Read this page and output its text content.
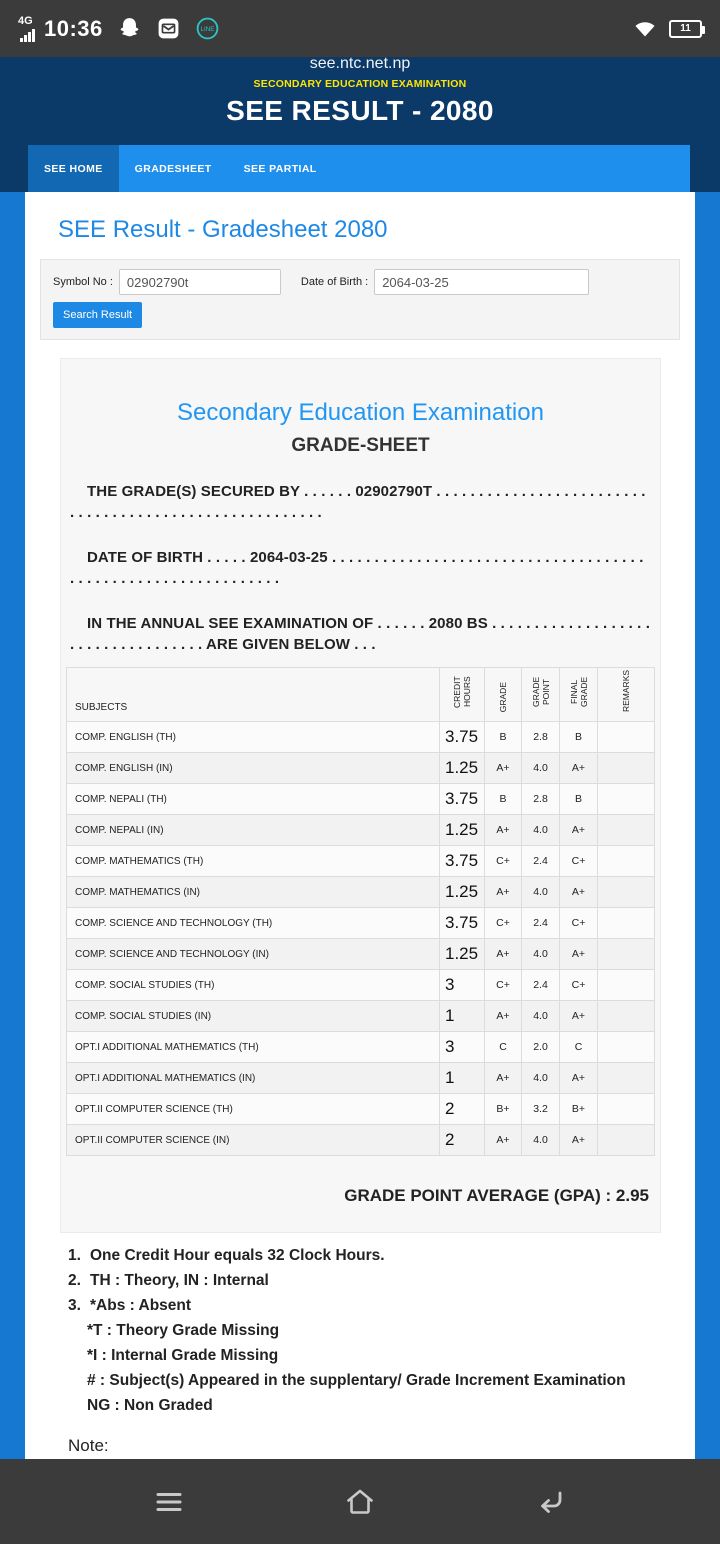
4G 10:36	LINE	11
see.ntc.net.np
SECONDARY EDUCATION EXAMINATION
SEE RESULT - 2080
SEE HOME	GRADESHEET	SEE PARTIAL
SEE Result - Gradesheet 2080
Symbol No :
02902790t	Date of Birth :
2064-03-25
Search Result
Secondary Education Examination
GRADE-SHEET

THE GRADE(S) SECURED BY . . . . . . 02902790T . . . . . . . . . . . . . . . . . . . . . . . . . . . . . . . . . . . . . . . . . . . . . . . . . . . . . . .

DATE OF BIRTH . . . . . 2064-03-25 . . . . . . . . . . . . . . . . . . . . . . . . . . . . . . . . . . . . . . . . . . . . . . . . . . . . . . . . . . . . . .

IN THE ANNUAL SEE EXAMINATION OF . . . . . . 2080 BS . . . . . . . . . . . . . . . . . . . . . . . . . . . . . . . . . . . ARE GIVEN BELOW . . .

SUBJECTS	CREDIT HOURS	GRADE	GRADE POINT	FINAL GRADE	REMARKS
COMP. ENGLISH (TH)	3.75	B	2.8	B	
COMP. ENGLISH (IN)	1.25	A+	4.0	A+	
COMP. NEPALI (TH)	3.75	B	2.8	B	
COMP. NEPALI (IN)	1.25	A+	4.0	A+	
COMP. MATHEMATICS (TH)	3.75	C+	2.4	C+	
COMP. MATHEMATICS (IN)	1.25	A+	4.0	A+	
COMP. SCIENCE AND TECHNOLOGY (TH)	3.75	C+	2.4	C+	
COMP. SCIENCE AND TECHNOLOGY (IN)	1.25	A+	4.0	A+	
COMP. SOCIAL STUDIES (TH)	3	C+	2.4	C+	
COMP. SOCIAL STUDIES (IN)	1	A+	4.0	A+	
OPT.I ADDITIONAL MATHEMATICS (TH)	3	C	2.0	C	
OPT.I ADDITIONAL MATHEMATICS (IN)	1	A+	4.0	A+	
OPT.II COMPUTER SCIENCE (TH)	2	B+	3.2	B+	
OPT.II COMPUTER SCIENCE (IN)	2	A+	4.0	A+	
GRADE POINT AVERAGE (GPA) : 2.95
1. One Credit Hour equals 32 Clock Hours.
2. TH : Theory, IN : Internal
3. *Abs : Absent
*T : Theory Grade Missing
*I : Internal Grade Missing
# : Subject(s) Appeared in the supplentary/ Grade Increment Examination
NG : Non Graded
Note:
